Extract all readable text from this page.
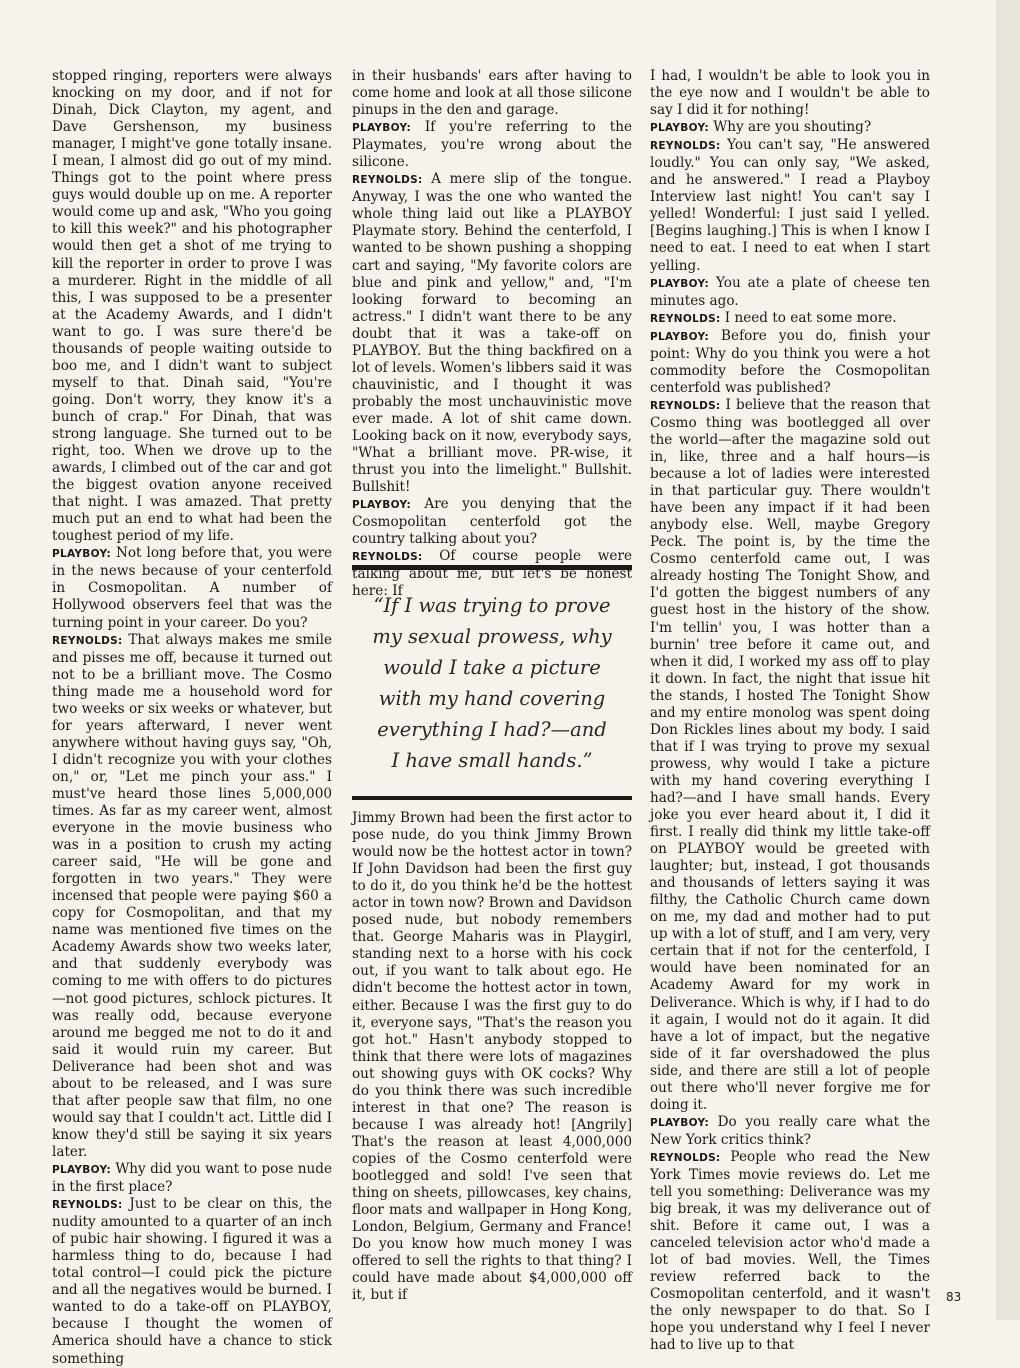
stopped ringing, reporters were always knocking on my door, and if not for Dinah, Dick Clayton, my agent, and Dave Gershenson, my business manager, I might've gone totally insane. I mean, I almost did go out of my mind. Things got to the point where press guys would double up on me. A reporter would come up and ask, "Who you going to kill this week?" and his photographer would then get a shot of me trying to kill the reporter in order to prove I was a murderer. Right in the middle of all this, I was supposed to be a presenter at the Academy Awards, and I didn't want to go. I was sure there'd be thousands of people waiting outside to boo me, and I didn't want to subject myself to that. Dinah said, "You're going. Don't worry, they know it's a bunch of crap." For Dinah, that was strong language. She turned out to be right, too. When we drove up to the awards, I climbed out of the car and got the biggest ovation anyone received that night. I was amazed. That pretty much put an end to what had been the toughest period of my life.

PLAYBOY: Not long before that, you were in the news because of your centerfold in Cosmopolitan. A number of Hollywood observers feel that was the turning point in your career. Do you?

REYNOLDS: That always makes me smile and pisses me off, because it turned out not to be a brilliant move. The Cosmo thing made me a household word for two weeks or six weeks or whatever, but for years afterward, I never went anywhere without having guys say, "Oh, I didn't recognize you with your clothes on," or, "Let me pinch your ass." I must've heard those lines 5,000,000 times. As far as my career went, almost everyone in the movie business who was in a position to crush my acting career said, "He will be gone and forgotten in two years." They were incensed that people were paying $60 a copy for Cosmopolitan, and that my name was mentioned five times on the Academy Awards show two weeks later, and that suddenly everybody was coming to me with offers to do pictures—not good pictures, schlock pictures. It was really odd, because everyone around me begged me not to do it and said it would ruin my career. But Deliverance had been shot and was about to be released, and I was sure that after people saw that film, no one would say that I couldn't act. Little did I know they'd still be saying it six years later.

PLAYBOY: Why did you want to pose nude in the first place?

REYNOLDS: Just to be clear on this, the nudity amounted to a quarter of an inch of pubic hair showing. I figured it was a harmless thing to do, because I had total control—I could pick the picture and all the negatives would be burned. I wanted to do a take-off on PLAYBOY, because I thought the women of America should have a chance to stick something

in their husbands' ears after having to come home and look at all those silicone pinups in the den and garage.

PLAYBOY: If you're referring to the Playmates, you're wrong about the silicone.

REYNOLDS: A mere slip of the tongue. Anyway, I was the one who wanted the whole thing laid out like a PLAYBOY Playmate story. Behind the centerfold, I wanted to be shown pushing a shopping cart and saying, "My favorite colors are blue and pink and yellow," and, "I'm looking forward to becoming an actress." I didn't want there to be any doubt that it was a take-off on PLAYBOY. But the thing backfired on a lot of levels. Women's libbers said it was chauvinistic, and I thought it was probably the most unchauvinistic move ever made. A lot of shit came down. Looking back on it now, everybody says, "What a brilliant move. PR-wise, it thrust you into the limelight." Bullshit. Bullshit!

PLAYBOY: Are you denying that the Cosmopolitan centerfold got the country talking about you?

REYNOLDS: Of course people were talking about me, but let's be honest here: If

“If I was trying to prove my sexual prowess, why would I take a picture with my hand covering everything I had?—and I have small hands.”

Jimmy Brown had been the first actor to pose nude, do you think Jimmy Brown would now be the hottest actor in town? If John Davidson had been the first guy to do it, do you think he'd be the hottest actor in town now? Brown and Davidson posed nude, but nobody remembers that. George Maharis was in Playgirl, standing next to a horse with his cock out, if you want to talk about ego. He didn't become the hottest actor in town, either. Because I was the first guy to do it, everyone says, "That's the reason you got hot." Hasn't anybody stopped to think that there were lots of magazines out showing guys with OK cocks? Why do you think there was such incredible interest in that one? The reason is because I was already hot! [Angrily] That's the reason at least 4,000,000 copies of the Cosmo centerfold were bootlegged and sold! I've seen that thing on sheets, pillowcases, key chains, floor mats and wallpaper in Hong Kong, London, Belgium, Germany and France! Do you know how much money I was offered to sell the rights to that thing? I could have made about $4,000,000 off it, but if

I had, I wouldn't be able to look you in the eye now and I wouldn't be able to say I did it for nothing!

PLAYBOY: Why are you shouting?

REYNOLDS: You can't say, "He answered loudly." You can only say, "We asked, and he answered." I read a Playboy Interview last night! You can't say I yelled! Wonderful: I just said I yelled. [Begins laughing.] This is when I know I need to eat. I need to eat when I start yelling.

PLAYBOY: You ate a plate of cheese ten minutes ago.

REYNOLDS: I need to eat some more.

PLAYBOY: Before you do, finish your point: Why do you think you were a hot commodity before the Cosmopolitan centerfold was published?

REYNOLDS: I believe that the reason that Cosmo thing was bootlegged all over the world—after the magazine sold out in, like, three and a half hours—is because a lot of ladies were interested in that particular guy. There wouldn't have been any impact if it had been anybody else. Well, maybe Gregory Peck. The point is, by the time the Cosmo centerfold came out, I was already hosting The Tonight Show, and I'd gotten the biggest numbers of any guest host in the history of the show. I'm tellin' you, I was hotter than a burnin' tree before it came out, and when it did, I worked my ass off to play it down. In fact, the night that issue hit the stands, I hosted The Tonight Show and my entire monolog was spent doing Don Rickles lines about my body. I said that if I was trying to prove my sexual prowess, why would I take a picture with my hand covering everything I had?—and I have small hands. Every joke you ever heard about it, I did it first. I really did think my little take-off on PLAYBOY would be greeted with laughter; but, instead, I got thousands and thousands of letters saying it was filthy, the Catholic Church came down on me, my dad and mother had to put up with a lot of stuff, and I am very, very certain that if not for the centerfold, I would have been nominated for an Academy Award for my work in Deliverance. Which is why, if I had to do it again, I would not do it again. It did have a lot of impact, but the negative side of it far overshadowed the plus side, and there are still a lot of people out there who'll never forgive me for doing it.

PLAYBOY: Do you really care what the New York critics think?

REYNOLDS: People who read the New York Times movie reviews do. Let me tell you something: Deliverance was my big break, it was my deliverance out of shit. Before it came out, I was a canceled television actor who'd made a lot of bad movies. Well, the Times review referred back to the Cosmopolitan centerfold, and it wasn't the only newspaper to do that. So I hope you understand why I feel I never had to live up to that

83
